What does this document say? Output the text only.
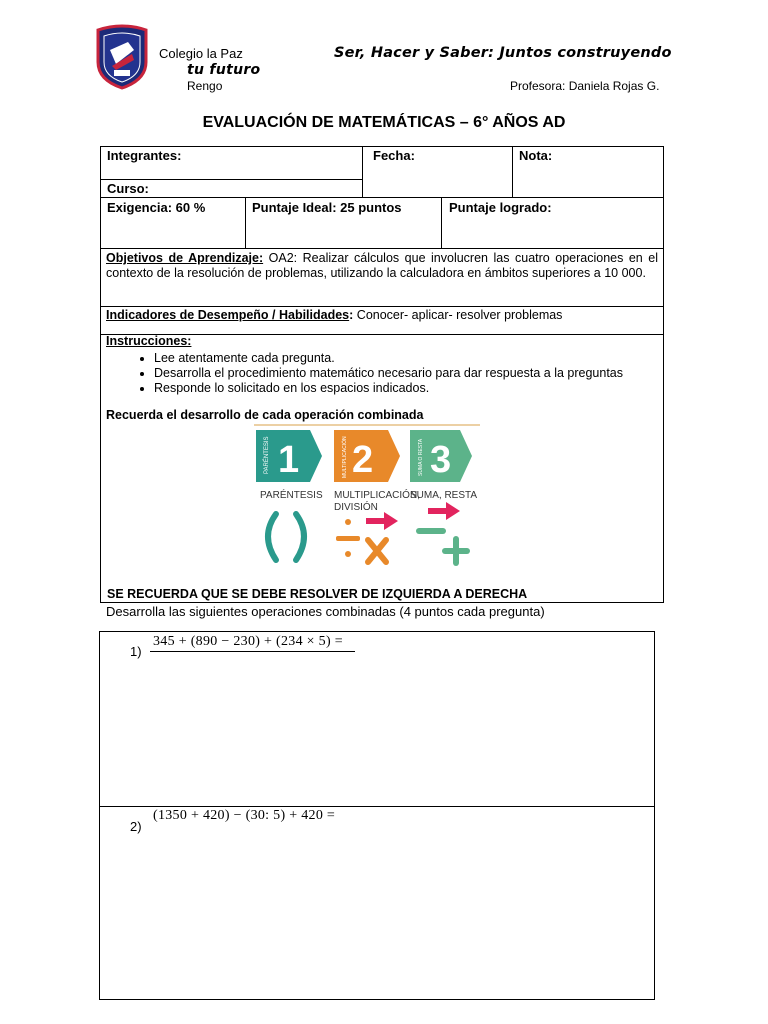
Colegio la Paz
tu futuro
Rengo
Ser, Hacer y Saber: Juntos construyendo
Profesora: Daniela Rojas G.
EVALUACIÓN DE MATEMÁTICAS – 6° AÑOS AD
Integrantes:	Fecha:	Nota:
Curso:
Exigencia: 60 %	Puntaje Ideal: 25 puntos	Puntaje logrado:
Objetivos de Aprendizaje: OA2: Realizar cálculos que involucren las cuatro operaciones en el contexto de la resolución de problemas, utilizando la calculadora en ámbitos superiores a 10 000.
Indicadores de Desempeño / Habilidades: Conocer- aplicar- resolver problemas
Instrucciones:
• Lee atentamente cada pregunta.
• Desarrolla el procedimiento matemático necesario para dar respuesta a la preguntas
• Responde lo solicitado en los espacios indicados.
Recuerda el desarrollo de cada operación combinada
PARÉNTESIS 1	MULTIPLICACIÓN 2	SUMA O RESTA 3
PARÉNTESIS MULTIPLICACIÓN,
DIVISIÓN
SUMA, RESTA
SE RECUERDA QUE SE DEBE RESOLVER DE IZQUIERDA A DERECHA
Desarrolla las siguientes operaciones combinadas (4 puntos cada pregunta)
1)
345 + (890 − 230) + (234 × 5) =
2)
(1350 + 420) − (30: 5) + 420 =
